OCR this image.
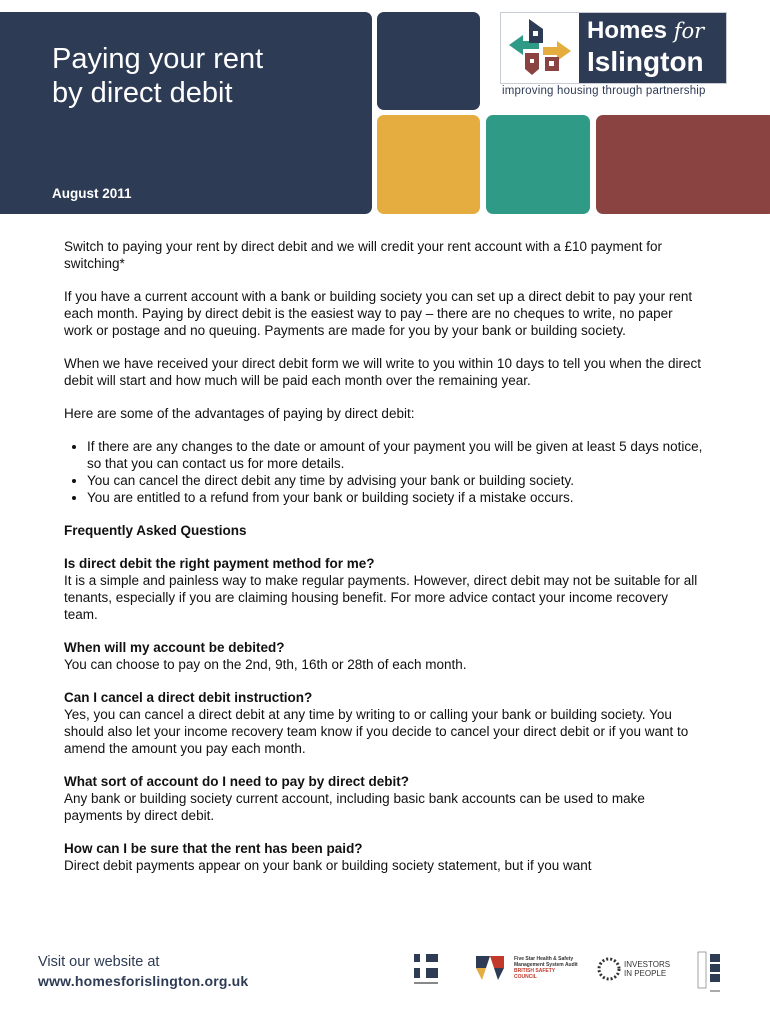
Paying your rent
by direct debit
August 2011
Homes for
Islington
improving housing through partnership

Switch to paying your rent by direct debit and we will credit your rent account with a £10 payment for switching*

If you have a current account with a bank or building society you can set up a direct debit to pay your rent each month. Paying by direct debit is the easiest way to pay – there are no cheques to write, no paper work or postage and no queuing. Payments are made for you by your bank or building society.

When we have received your direct debit form we will write to you within 10 days to tell you when the direct debit will start and how much will be paid each month over the remaining year.

Here are some of the advantages of paying by direct debit:

• If there are any changes to the date or amount of your payment you will be given at least 5 days notice, so that you can contact us for more details.
• You can cancel the direct debit any time by advising your bank or building society.
• You are entitled to a refund from your bank or building society if a mistake occurs.

Frequently Asked Questions

Is direct debit the right payment method for me?
It is a simple and painless way to make regular payments. However, direct debit may not be suitable for all tenants, especially if you are claiming housing benefit. For more advice contact your income recovery team.
When will my account be debited?
You can choose to pay on the 2nd, 9th, 16th or 28th of each month.
Can I cancel a direct debit instruction?
Yes, you can cancel a direct debit at any time by writing to or calling your bank or building society. You should also let your income recovery team know if you decide to cancel your direct debit or if you want to amend the amount you pay each month.
What sort of account do I need to pay by direct debit?
Any bank or building society current account, including basic bank accounts can be used to make payments by direct debit.
How can I be sure that the rent has been paid?
Direct debit payments appear on your bank or building society statement, but if you want
Visit our website at
www.homesforislington.org.uk
Five Star Health & Safety
Management System Audit
BRITISH SAFETY COUNCIL
INVESTORS
IN PEOPLE
